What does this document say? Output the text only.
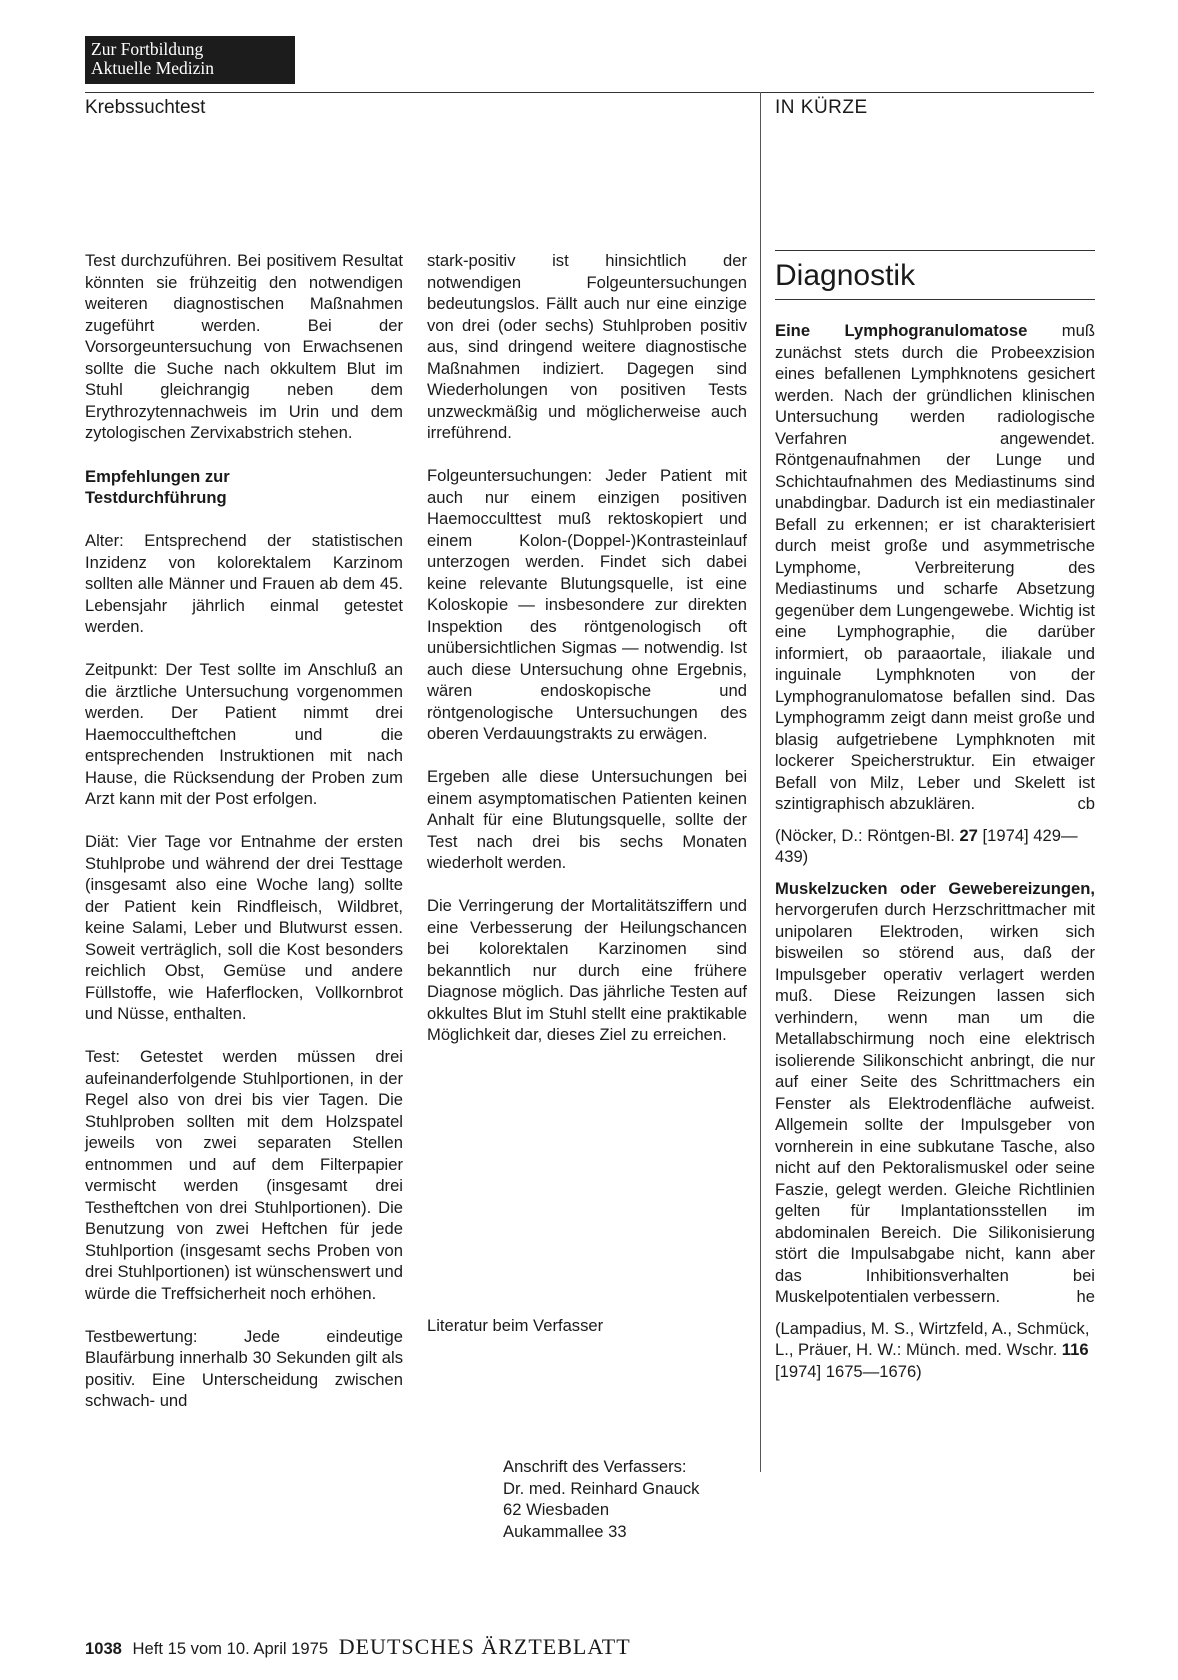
Zur Fortbildung
Aktuelle Medizin
Krebssuchtest	IN KÜRZE

Test durchzuführen. Bei positivem Resultat könnten sie frühzeitig den notwendigen weiteren diagnostischen Maßnahmen zugeführt werden. Bei der Vorsorgeuntersuchung von Erwachsenen sollte die Suche nach okkultem Blut im Stuhl gleichrangig neben dem Erythrozytennachweis im Urin und dem zytologischen Zervixabstrich stehen.

Empfehlungen zur
Testdurchführung

Alter: Entsprechend der statistischen Inzidenz von kolorektalem Karzinom sollten alle Männer und Frauen ab dem 45. Lebensjahr jährlich einmal getestet werden.

Zeitpunkt: Der Test sollte im Anschluß an die ärztliche Untersuchung vorgenommen werden. Der Patient nimmt drei Haemoccultheftchen und die entsprechenden Instruktionen mit nach Hause, die Rücksendung der Proben zum Arzt kann mit der Post erfolgen.

Diät: Vier Tage vor Entnahme der ersten Stuhlprobe und während der drei Testtage (insgesamt also eine Woche lang) sollte der Patient kein Rindfleisch, Wildbret, keine Salami, Leber und Blutwurst essen. Soweit verträglich, soll die Kost besonders reichlich Obst, Gemüse und andere Füllstoffe, wie Haferflocken, Vollkornbrot und Nüsse, enthalten.

Test: Getestet werden müssen drei aufeinanderfolgende Stuhlportionen, in der Regel also von drei bis vier Tagen. Die Stuhlproben sollten mit dem Holzspatel jeweils von zwei separaten Stellen entnommen und auf dem Filterpapier vermischt werden (insgesamt drei Testheftchen von drei Stuhlportionen). Die Benutzung von zwei Heftchen für jede Stuhlportion (insgesamt sechs Proben von drei Stuhlportionen) ist wünschenswert und würde die Treffsicherheit noch erhöhen.

Testbewertung: Jede eindeutige Blaufärbung innerhalb 30 Sekunden gilt als positiv. Eine Unterscheidung zwischen schwach- und

stark-positiv ist hinsichtlich der notwendigen Folgeuntersuchungen bedeutungslos. Fällt auch nur eine einzige von drei (oder sechs) Stuhlproben positiv aus, sind dringend weitere diagnostische Maßnahmen indiziert. Dagegen sind Wiederholungen von positiven Tests unzweckmäßig und möglicherweise auch irreführend.

Folgeuntersuchungen: Jeder Patient mit auch nur einem einzigen positiven Haemocculttest muß rektoskopiert und einem Kolon-(Doppel-)Kontrasteinlauf unterzogen werden. Findet sich dabei keine relevante Blutungsquelle, ist eine Koloskopie — insbesondere zur direkten Inspektion des röntgenologisch oft unübersichtlichen Sigmas — notwendig. Ist auch diese Untersuchung ohne Ergebnis, wären endoskopische und röntgenologische Untersuchungen des oberen Verdauungstrakts zu erwägen.

Ergeben alle diese Untersuchungen bei einem asymptomatischen Patienten keinen Anhalt für eine Blutungsquelle, sollte der Test nach drei bis sechs Monaten wiederholt werden.

Die Verringerung der Mortalitätsziffern und eine Verbesserung der Heilungschancen bei kolorektalen Karzinomen sind bekanntlich nur durch eine frühere Diagnose möglich. Das jährliche Testen auf okkultes Blut im Stuhl stellt eine praktikable Möglichkeit dar, dieses Ziel zu erreichen.

Literatur beim Verfasser
Anschrift des Verfassers:
Dr. med. Reinhard Gnauck
62 Wiesbaden
Aukammallee 33
Diagnostik

Eine Lymphogranulomatose muß zunächst stets durch die Probeexzision eines befallenen Lymphknotens gesichert werden. Nach der gründlichen klinischen Untersuchung werden radiologische Verfahren angewendet. Röntgenaufnahmen der Lunge und Schichtaufnahmen des Mediastinums sind unabdingbar. Dadurch ist ein mediastinaler Befall zu erkennen; er ist charakterisiert durch meist große und asymmetrische Lymphome, Verbreiterung des Mediastinums und scharfe Absetzung gegenüber dem Lungengewebe. Wichtig ist eine Lymphographie, die darüber informiert, ob paraaortale, iliakale und inguinale Lymphknoten von der Lymphogranulomatose befallen sind. Das Lymphogramm zeigt dann meist große und blasig aufgetriebene Lymphknoten mit lockerer Speicherstruktur. Ein etwaiger Befall von Milz, Leber und Skelett ist szintigraphisch abzuklären.	cb

(Nöcker, D.: Röntgen-Bl. 27 [1974] 429—439)

Muskelzucken oder Gewebereizungen, hervorgerufen durch Herzschrittmacher mit unipolaren Elektroden, wirken sich bisweilen so störend aus, daß der Impulsgeber operativ verlagert werden muß. Diese Reizungen lassen sich verhindern, wenn man um die Metallabschirmung noch eine elektrisch isolierende Silikonschicht anbringt, die nur auf einer Seite des Schrittmachers ein Fenster als Elektrodenfläche aufweist. Allgemein sollte der Impulsgeber von vornherein in eine subkutane Tasche, also nicht auf den Pektoralismuskel oder seine Faszie, gelegt werden. Gleiche Richtlinien gelten für Implantationsstellen im abdominalen Bereich. Die Silikonisierung stört die Impulsabgabe nicht, kann aber das Inhibitionsverhalten bei Muskelpotentialen verbessern.	he

(Lampadius, M. S., Wirtzfeld, A., Schmück, L., Präuer, H. W.: Münch. med. Wschr. 116 [1974] 1675—1676)

1038 Heft 15 vom 10. April 1975 DEUTSCHES ÄRZTEBLATT
